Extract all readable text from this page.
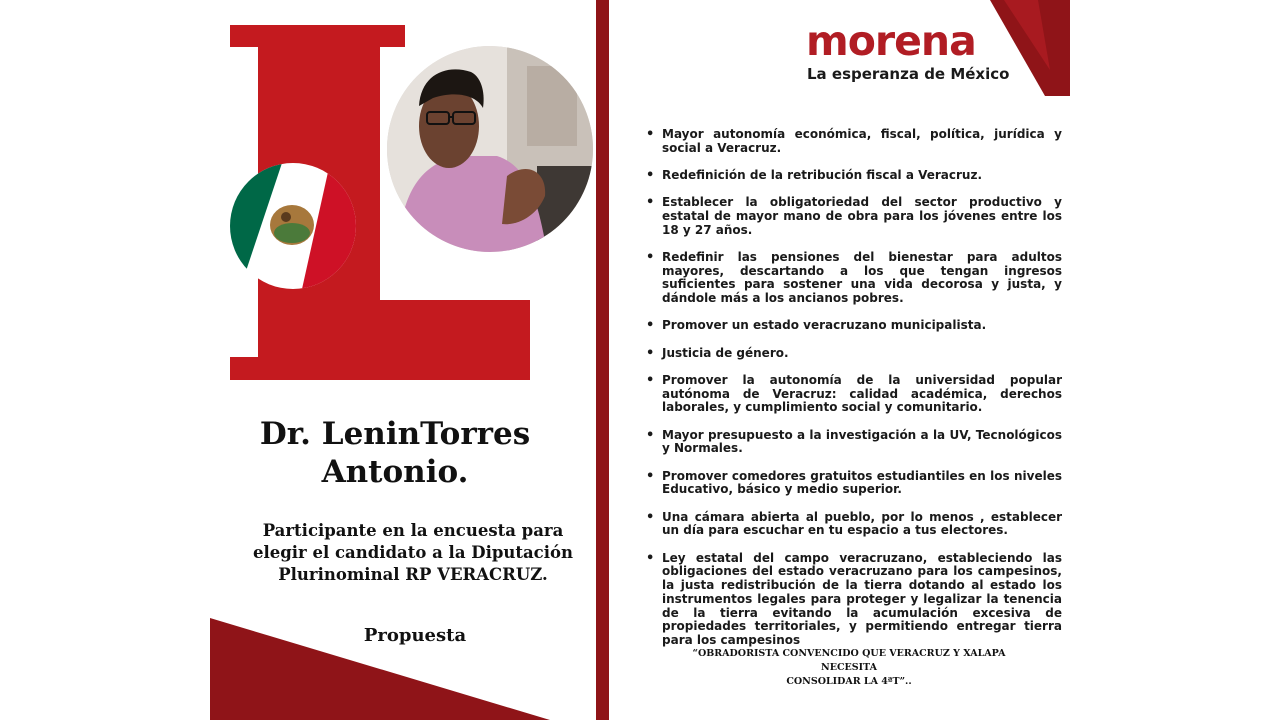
Dr. LeninTorres
Antonio.
Participante en la encuesta para
elegir el candidato a la Diputación
Plurinominal RP VERACRUZ.
Propuesta
morena
La esperanza de México
• Mayor autonomía económica, fiscal, política, jurídica y social a Veracruz.
• Redefinición de la retribución fiscal a Veracruz.
• Establecer la obligatoriedad del sector productivo y estatal de mayor mano de obra para los jóvenes entre los 18 y 27 años.
• Redefinir las pensiones del bienestar para adultos mayores, descartando a los que tengan ingresos suficientes para sostener una vida decorosa y justa, y dándole más a los ancianos pobres.
• Promover un estado veracruzano municipalista.
• Justicia de género.
• Promover la autonomía de la universidad popular autónoma de Veracruz: calidad académica, derechos laborales, y cumplimiento social y comunitario.
• Mayor presupuesto a la investigación a la UV, Tecnológicos y Normales.
• Promover comedores gratuitos estudiantiles en los niveles Educativo, básico y medio superior.
• Una cámara abierta al pueblo, por lo menos , establecer un día para escuchar en tu espacio a tus electores.
• Ley estatal del campo veracruzano, estableciendo las obligaciones del estado veracruzano para los campesinos, la justa redistribución de la tierra dotando al estado los instrumentos legales para proteger y legalizar la tenencia de la tierra evitando la acumulación excesiva de propiedades territoriales, y permitiendo entregar tierra para los campesinos
“OBRADORISTA CONVENCIDO QUE VERACRUZ Y XALAPA NECESITA
CONSOLIDAR LA 4ªT”..
